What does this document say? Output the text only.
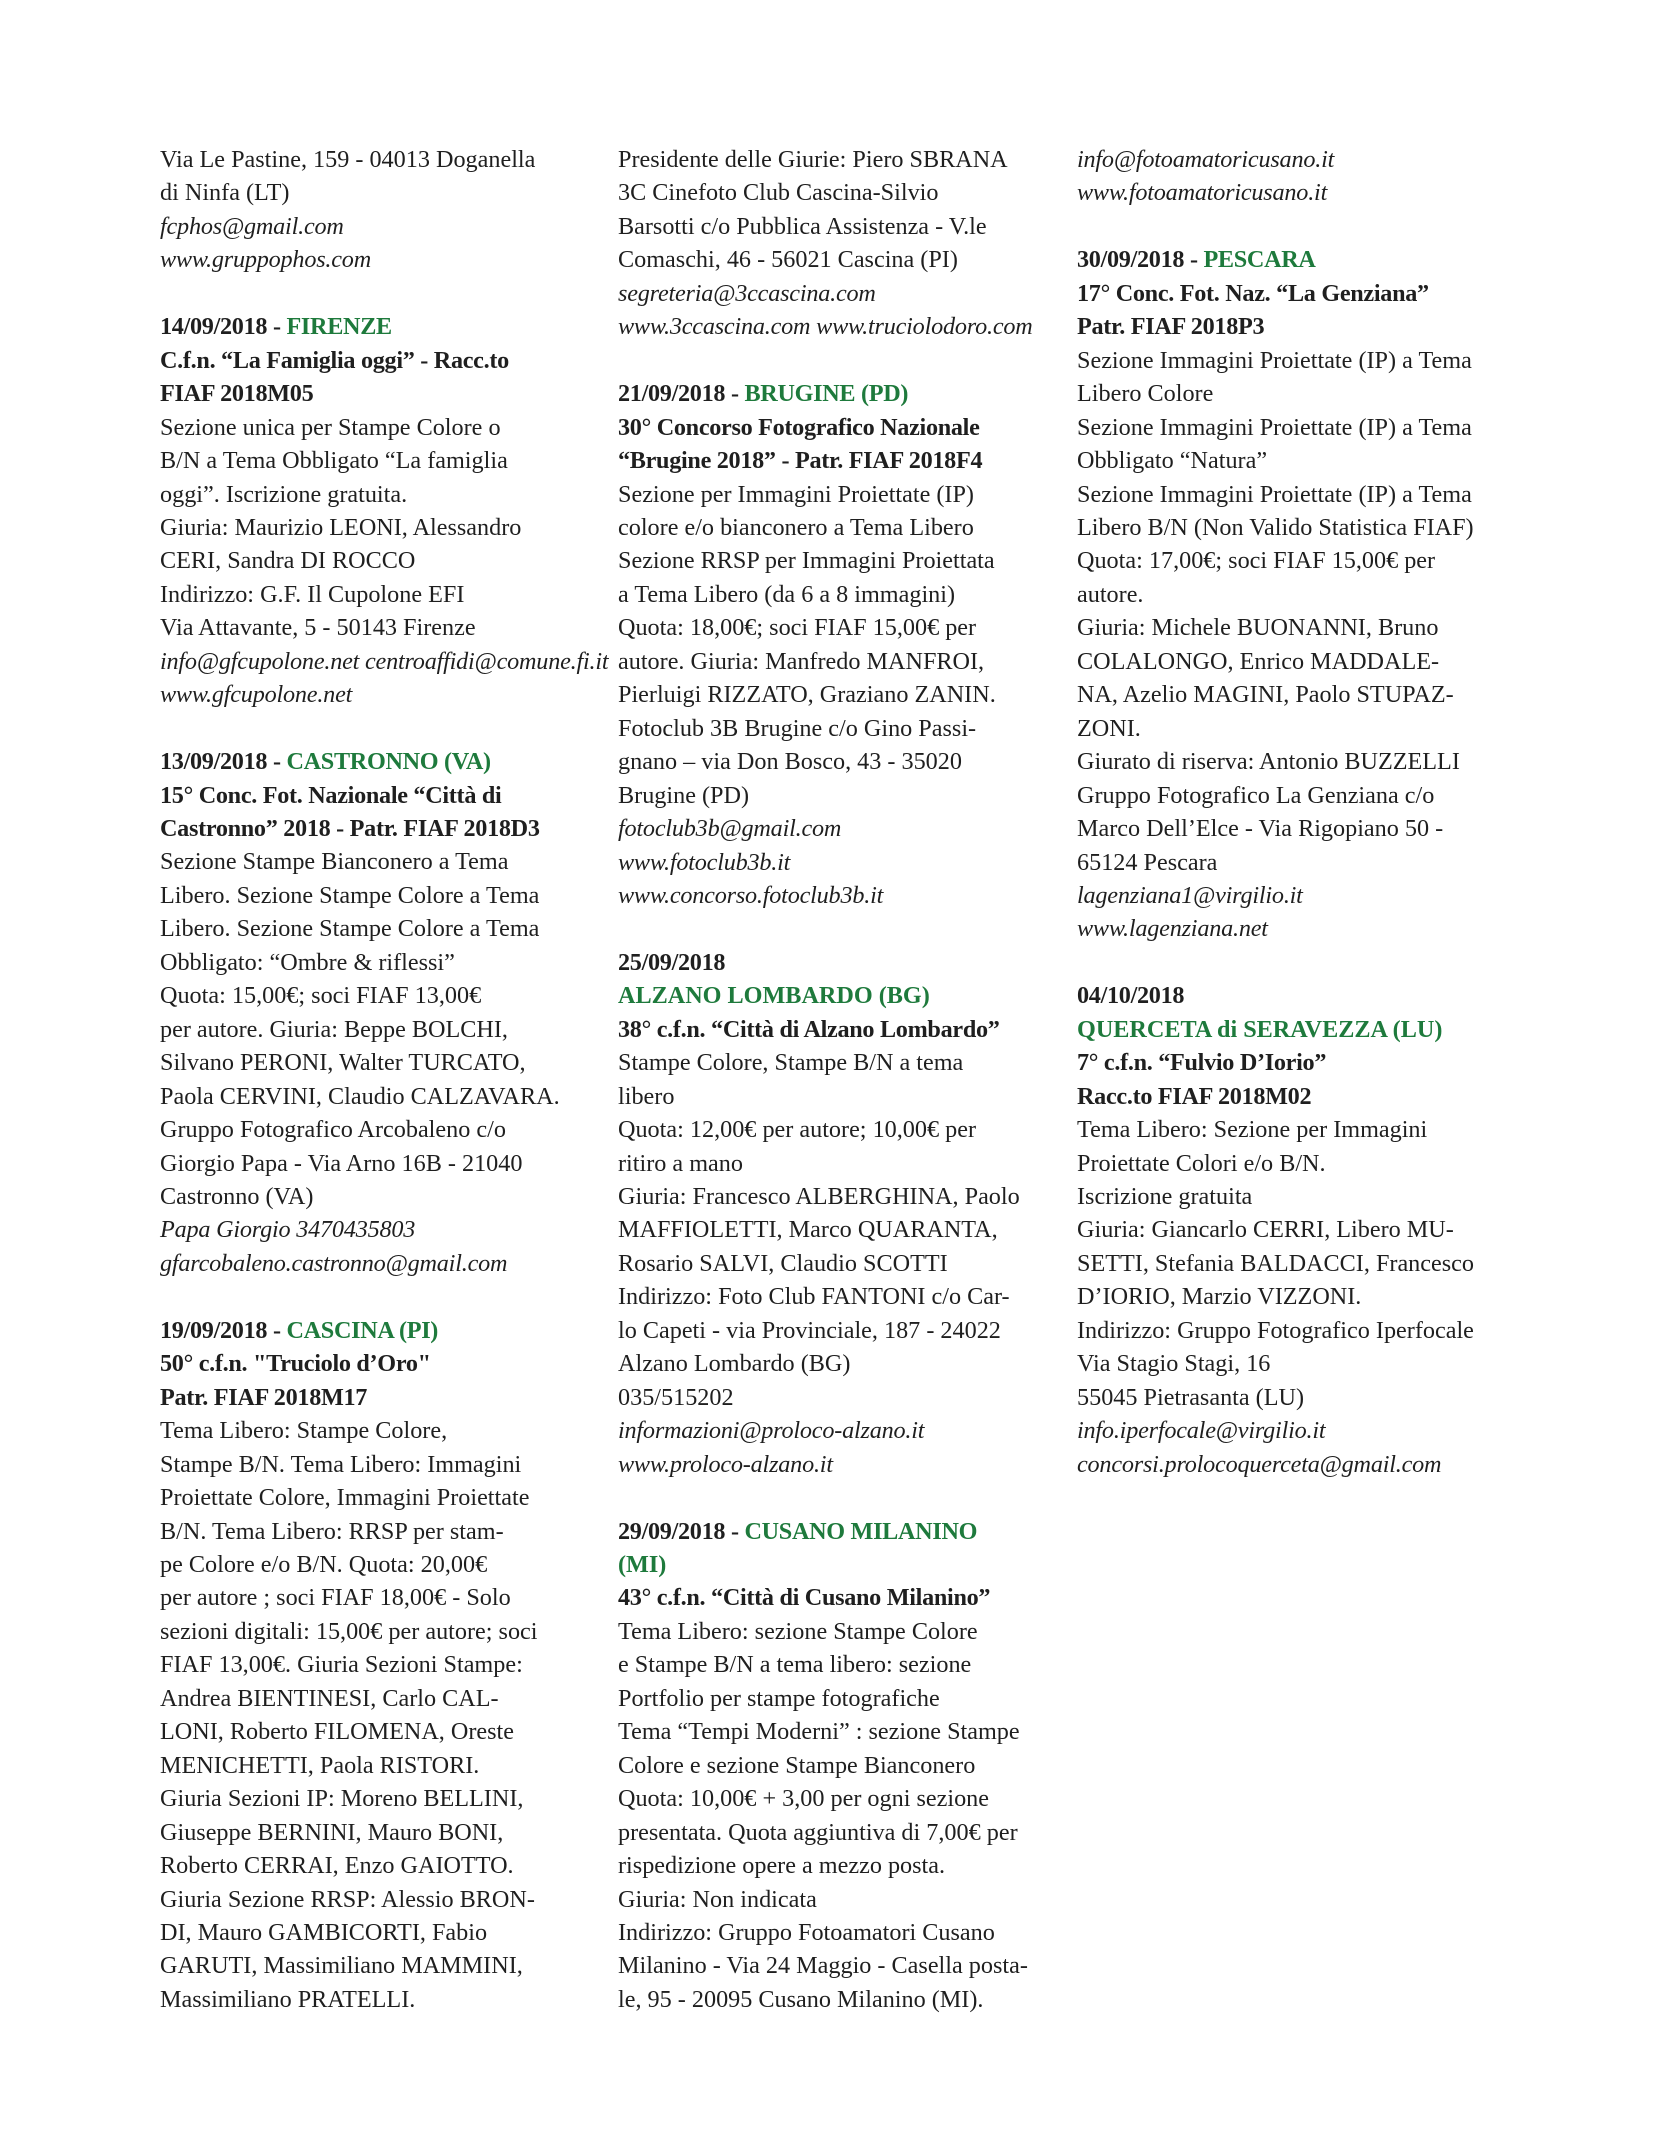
Via Le Pastine, 159 - 04013 Doganella
di Ninfa (LT)
fcphos@gmail.com
www.gruppophos.com
14/09/2018 - FIRENZE
C.f.n. “La Famiglia oggi” - Racc.to
FIAF 2018M05
Sezione unica per Stampe Colore o
B/N a Tema Obbligato “La famiglia
oggi”. Iscrizione gratuita.
Giuria: Maurizio LEONI, Alessandro
CERI, Sandra DI ROCCO
Indirizzo: G.F. Il Cupolone EFI
Via Attavante, 5 - 50143 Firenze
info@gfcupolone.net centroaffidi@comune.fi.it
www.gfcupolone.net
13/09/2018 - CASTRONNO (VA)
15° Conc. Fot. Nazionale “Città di
Castronno” 2018 - Patr. FIAF 2018D3
Sezione Stampe Bianconero a Tema
Libero. Sezione Stampe Colore a Tema
Libero. Sezione Stampe Colore a Tema
Obbligato: “Ombre & riflessi”
Quota: 15,00€; soci FIAF 13,00€
per autore. Giuria: Beppe BOLCHI,
Silvano PERONI, Walter TURCATO,
Paola CERVINI, Claudio CALZAVARA.
Gruppo Fotografico Arcobaleno c/o
Giorgio Papa - Via Arno 16B - 21040
Castronno (VA)
Papa Giorgio 3470435803
gfarcobaleno.castronno@gmail.com
19/09/2018 - CASCINA (PI)
50° c.f.n. "Truciolo d’Oro"
Patr. FIAF 2018M17
Tema Libero: Stampe Colore,
Stampe B/N. Tema Libero: Immagini
Proiettate Colore, Immagini Proiettate
B/N. Tema Libero: RRSP per stam-
pe Colore e/o B/N. Quota: 20,00€
per autore ; soci FIAF 18,00€ - Solo
sezioni digitali: 15,00€ per autore; soci
FIAF 13,00€. Giuria Sezioni Stampe:
Andrea BIENTINESI, Carlo CAL-
LONI, Roberto FILOMENA, Oreste
MENICHETTI, Paola RISTORI.
Giuria Sezioni IP: Moreno BELLINI,
Giuseppe BERNINI, Mauro BONI,
Roberto CERRAI, Enzo GAIOTTO.
Giuria Sezione RRSP: Alessio BRON-
DI, Mauro GAMBICORTI, Fabio
GARUTI, Massimiliano MAMMINI,
Massimiliano PRATELLI.
Presidente delle Giurie: Piero SBRANA
3C Cinefoto Club Cascina-Silvio
Barsotti c/o Pubblica Assistenza - V.le
Comaschi, 46 - 56021 Cascina (PI)
segreteria@3ccascina.com
www.3ccascina.com www.truciolodoro.com
21/09/2018 - BRUGINE (PD)
30° Concorso Fotografico Nazionale
“Brugine 2018” - Patr. FIAF 2018F4
Sezione per Immagini Proiettate (IP)
colore e/o bianconero a Tema Libero
Sezione RRSP per Immagini Proiettata
a Tema Libero (da 6 a 8 immagini)
Quota: 18,00€; soci FIAF 15,00€ per
autore. Giuria: Manfredo MANFROI,
Pierluigi RIZZATO, Graziano ZANIN.
Fotoclub 3B Brugine c/o Gino Passi-
gnano – via Don Bosco, 43 - 35020
Brugine (PD)
fotoclub3b@gmail.com
www.fotoclub3b.it
www.concorso.fotoclub3b.it
25/09/2018
ALZANO LOMBARDO (BG)
38° c.f.n. “Città di Alzano Lombardo”
Stampe Colore, Stampe B/N a tema
libero
Quota: 12,00€ per autore; 10,00€ per
ritiro a mano
Giuria: Francesco ALBERGHINA, Paolo
MAFFIOLETTI, Marco QUARANTA,
Rosario SALVI, Claudio SCOTTI
Indirizzo: Foto Club FANTONI c/o Car-
lo Capeti - via Provinciale, 187 - 24022
Alzano Lombardo (BG)
035/515202
informazioni@proloco-alzano.it
www.proloco-alzano.it
29/09/2018 - CUSANO MILANINO
(MI)
43° c.f.n. “Città di Cusano Milanino”
Tema Libero: sezione Stampe Colore
e Stampe B/N a tema libero: sezione
Portfolio per stampe fotografiche
Tema “Tempi Moderni” : sezione Stampe
Colore e sezione Stampe Bianconero
Quota: 10,00€ + 3,00 per ogni sezione
presentata. Quota aggiuntiva di 7,00€ per
rispedizione opere a mezzo posta.
Giuria: Non indicata
Indirizzo: Gruppo Fotoamatori Cusano
Milanino - Via 24 Maggio - Casella posta-
le, 95 - 20095 Cusano Milanino (MI).
info@fotoamatoricusano.it
www.fotoamatoricusano.it
30/09/2018 - PESCARA
17° Conc. Fot. Naz. “La Genziana”
Patr. FIAF 2018P3
Sezione Immagini Proiettate (IP) a Tema
Libero Colore
Sezione Immagini Proiettate (IP) a Tema
Obbligato “Natura”
Sezione Immagini Proiettate (IP) a Tema
Libero B/N (Non Valido Statistica FIAF)
Quota: 17,00€; soci FIAF 15,00€ per
autore.
Giuria: Michele BUONANNI, Bruno
COLALONGO, Enrico MADDALE-
NA, Azelio MAGINI, Paolo STUPAZ-
ZONI.
Giurato di riserva: Antonio BUZZELLI
Gruppo Fotografico La Genziana c/o
Marco Dell’Elce - Via Rigopiano 50 -
65124 Pescara
lagenziana1@virgilio.it
www.lagenziana.net
04/10/2018
QUERCETA di SERAVEZZA (LU)
7° c.f.n. “Fulvio D’Iorio”
Racc.to FIAF 2018M02
Tema Libero: Sezione per Immagini
Proiettate Colori e/o B/N.
Iscrizione gratuita
Giuria: Giancarlo CERRI, Libero MU-
SETTI, Stefania BALDACCI, Francesco
D’IORIO, Marzio VIZZONI.
Indirizzo: Gruppo Fotografico Iperfocale
Via Stagio Stagi, 16
55045 Pietrasanta (LU)
info.iperfocale@virgilio.it
concorsi.prolocoquerceta@gmail.com
